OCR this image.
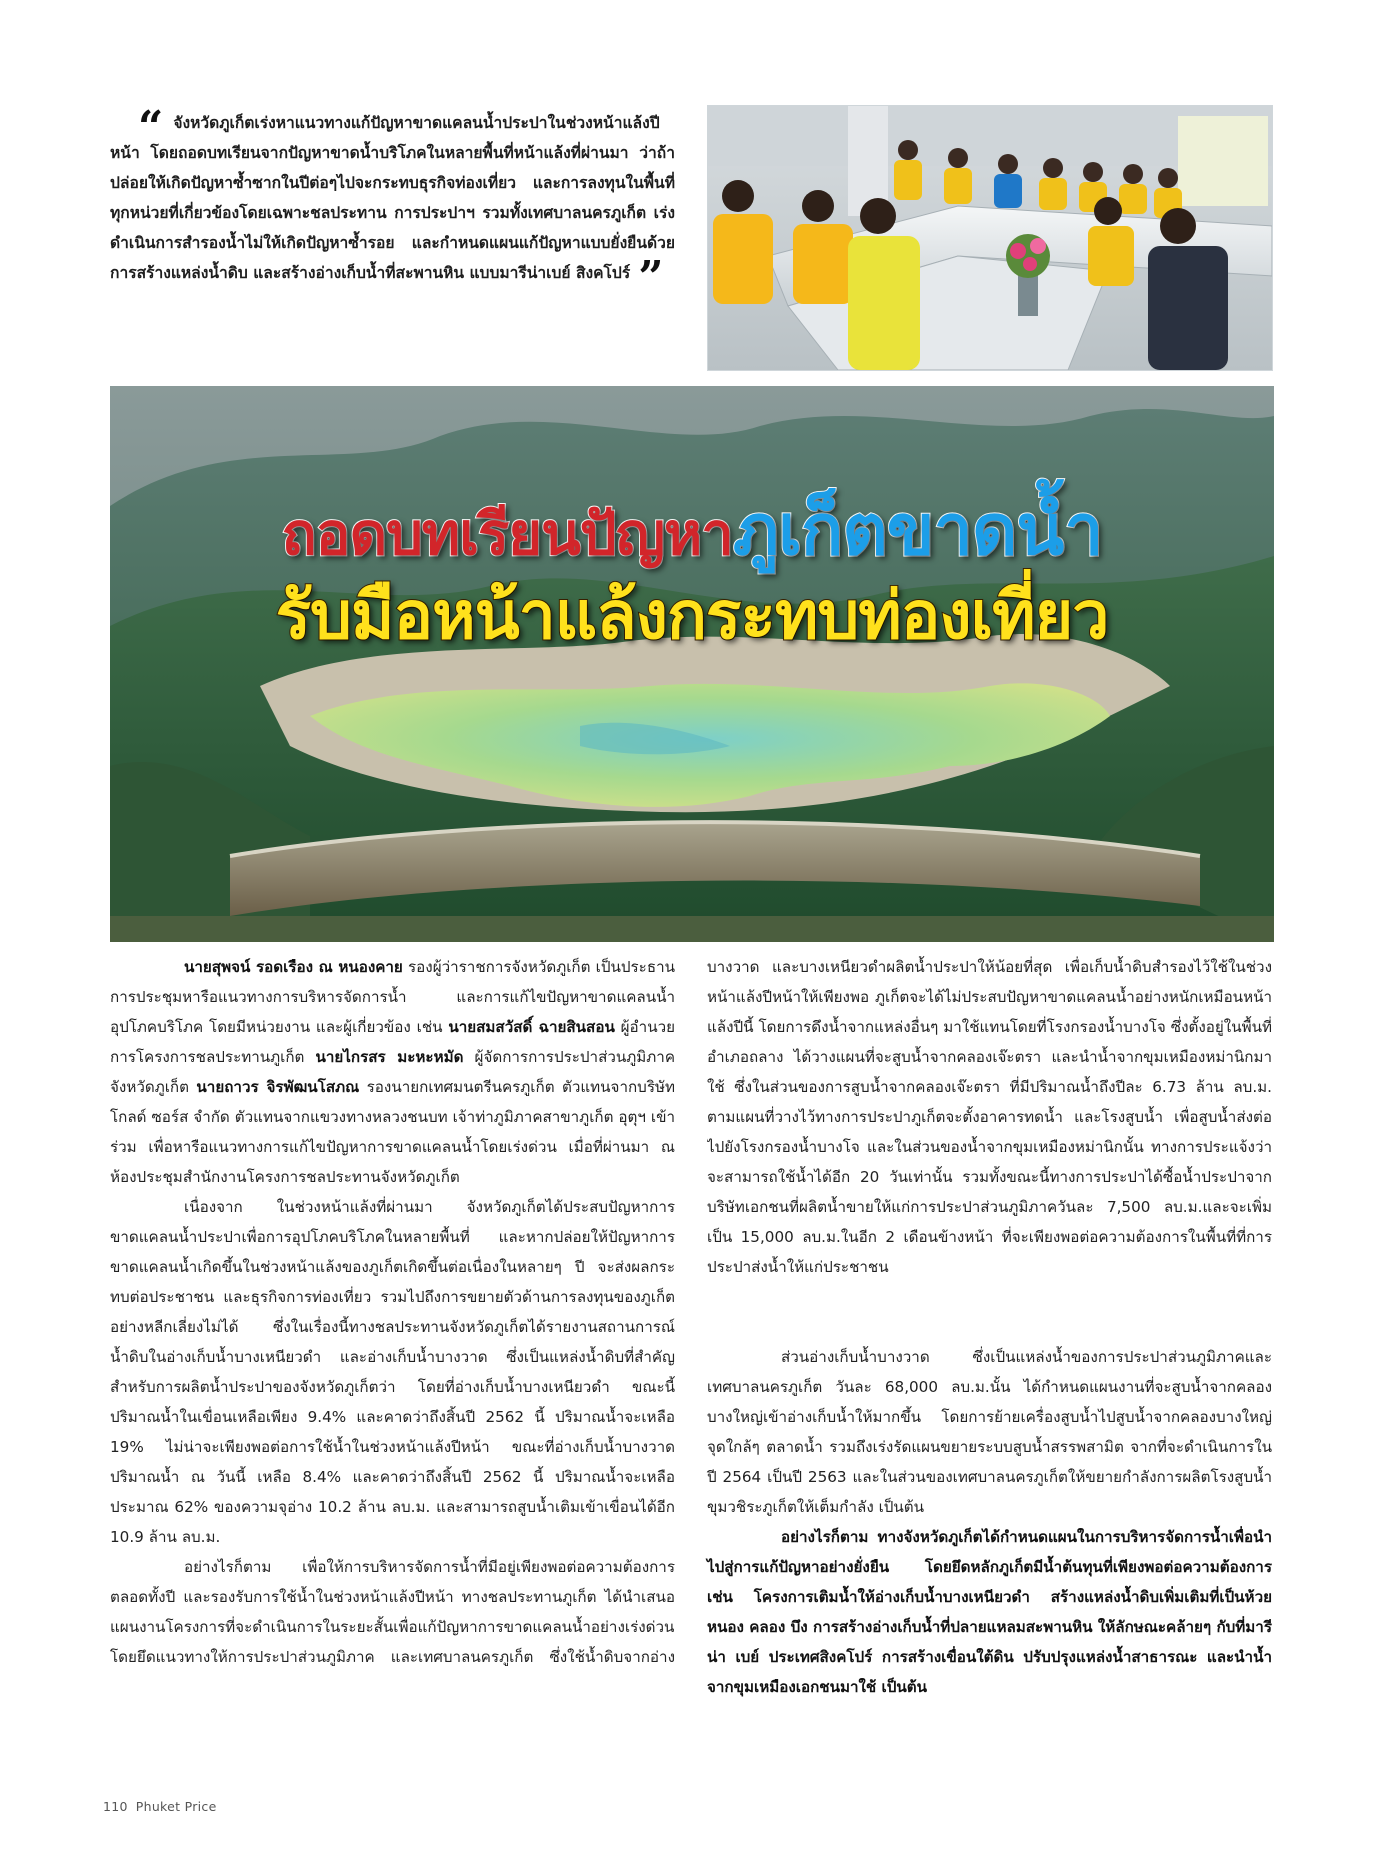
“ จังหวัดภูเก็ตเร่งหาแนวทางแก้ปัญหาขาดแคลนน้ำประปาในช่วงหน้าแล้งปีหน้า โดยถอดบทเรียนจากปัญหาขาดน้ำบริโภคในหลายพื้นที่หน้าแล้งที่ผ่านมา ว่าถ้าปล่อยให้เกิดปัญหาซ้ำซากในปีต่อๆไปจะกระทบธุรกิจท่องเที่ยว และการลงทุนในพื้นที่ ทุกหน่วยที่เกี่ยวข้องโดยเฉพาะชลประทาน การประปาฯ รวมทั้งเทศบาลนครภูเก็ต เร่งดำเนินการสำรองน้ำไม่ให้เกิดปัญหาซ้ำรอย และกำหนดแผนแก้ปัญหาแบบยั่งยืนด้วยการสร้างแหล่งน้ำดิบ และสร้างอ่างเก็บน้ำที่สะพานหิน แบบมารีน่าเบย์ สิงคโปร์ ”
ถอดบทเรียนปัญหาภูเก็ตขาดน้ำ
รับมือหน้าแล้งกระทบท่องเที่ยว

นายสุพจน์ รอดเรือง ณ หนองคาย รองผู้ว่าราชการจังหวัดภูเก็ต เป็นประธานการประชุมหารือแนวทางการบริหารจัดการน้ำ และการแก้ไขปัญหาขาดแคลนน้ำอุปโภคบริโภค โดยมีหน่วยงาน และผู้เกี่ยวข้อง เช่น นายสมสวัสดิ์ ฉายสินสอน ผู้อำนวยการโครงการชลประทานภูเก็ต นายไกรสร มะหะหมัด ผู้จัดการการประปาส่วนภูมิภาคจังหวัดภูเก็ต นายถาวร จิรพัฒนโสภณ รองนายกเทศมนตรีนครภูเก็ต ตัวแทนจากบริษัท โกลด์ ซอร์ส จำกัด ตัวแทนจากแขวงทางหลวงชนบท เจ้าท่าภูมิภาคสาขาภูเก็ต อุตุฯ เข้าร่วม เพื่อหารือแนวทางการแก้ไขปัญหาการขาดแคลนน้ำโดยเร่งด่วน เมื่อที่ผ่านมา ณ ห้องประชุมสำนักงานโครงการชลประทานจังหวัดภูเก็ต

เนื่องจาก ในช่วงหน้าแล้งที่ผ่านมา จังหวัดภูเก็ตได้ประสบปัญหาการขาดแคลนน้ำประปาเพื่อการอุปโภคบริโภคในหลายพื้นที่ และหากปล่อยให้ปัญหาการ ขาดแคลนน้ำเกิดขึ้นในช่วงหน้าแล้งของภูเก็ตเกิดขึ้นต่อเนื่องในหลายๆ ปี จะส่งผลกระทบต่อประชาชน และธุรกิจการท่องเที่ยว รวมไปถึงการขยายตัวด้านการลงทุนของภูเก็ตอย่างหลีกเลี่ยงไม่ได้ ซึ่งในเรื่องนี้ทางชลประทานจังหวัดภูเก็ตได้รายงานสถานการณ์น้ำดิบในอ่างเก็บน้ำบางเหนียวดำ และอ่างเก็บน้ำบางวาด ซึ่งเป็นแหล่งน้ำดิบที่สำคัญสำหรับการผลิตน้ำประปาของจังหวัดภูเก็ตว่า โดยที่อ่างเก็บน้ำบางเหนียวดำ ขณะนี้ปริมาณน้ำในเขื่อนเหลือเพียง 9.4% และคาดว่าถึงสิ้นปี 2562 นี้ ปริมาณน้ำจะเหลือ 19% ไม่น่าจะเพียงพอต่อการใช้น้ำในช่วงหน้าแล้งปีหน้า ขณะที่อ่างเก็บน้ำบางวาด ปริมาณน้ำ ณ วันนี้ เหลือ 8.4% และคาดว่าถึงสิ้นปี 2562 นี้ ปริมาณน้ำจะเหลือประมาณ 62% ของความจุอ่าง 10.2 ล้าน ลบ.ม. และสามารถสูบน้ำเติมเข้าเขื่อนได้อีก 10.9 ล้าน ลบ.ม.

อย่างไรก็ตาม เพื่อให้การบริหารจัดการน้ำที่มีอยู่เพียงพอต่อความต้องการตลอดทั้งปี และรองรับการใช้น้ำในช่วงหน้าแล้งปีหน้า ทางชลประทานภูเก็ต ได้นำเสนอแผนงานโครงการที่จะดำเนินการในระยะสั้นเพื่อแก้ปัญหาการขาดแคลนน้ำอย่างเร่งด่วน โดยยึดแนวทางให้การประปาส่วนภูมิภาค และเทศบาลนครภูเก็ต ซึ่งใช้น้ำดิบจากอ่าง

บางวาด และบางเหนียวดำผลิตน้ำประปาให้น้อยที่สุด เพื่อเก็บน้ำดิบสำรองไว้ใช้ในช่วงหน้าแล้งปีหน้าให้เพียงพอ ภูเก็ตจะได้ไม่ประสบปัญหาขาดแคลนน้ำอย่างหนักเหมือนหน้าแล้งปีนี้ โดยการดึงน้ำจากแหล่งอื่นๆ มาใช้แทนโดยที่โรงกรองน้ำบางโจ ซึ่งตั้งอยู่ในพื้นที่อำเภอถลาง ได้วางแผนที่จะสูบน้ำจากคลองเจ๊ะตรา และนำน้ำจากขุมเหมืองหม่านิกมาใช้ ซึ่งในส่วนของการสูบน้ำจากคลองเจ๊ะตรา ที่มีปริมาณน้ำถึงปีละ 6.73 ล้าน ลบ.ม. ตามแผนที่วางไว้ทางการประปาภูเก็ตจะตั้งอาคารทดน้ำ และโรงสูบน้ำ เพื่อสูบน้ำส่งต่อไปยังโรงกรองน้ำบางโจ และในส่วนของน้ำจากขุมเหมืองหม่านิกนั้น ทางการประแจ้งว่าจะสามารถใช้น้ำได้อีก 20 วันเท่านั้น รวมทั้งขณะนี้ทางการประปาได้ซื้อน้ำประปาจากบริษัทเอกชนที่ผลิตน้ำขายให้แก่การประปาส่วนภูมิภาควันละ 7,500 ลบ.ม.และจะเพิ่มเป็น 15,000 ลบ.ม.ในอีก 2 เดือนข้างหน้า ที่จะเพียงพอต่อความต้องการในพื้นที่ที่การประปาส่งน้ำให้แก่ประชาชน

ส่วนอ่างเก็บน้ำบางวาด ซึ่งเป็นแหล่งน้ำของการประปาส่วนภูมิภาคและเทศบาลนครภูเก็ต วันละ 68,000 ลบ.ม.นั้น ได้กำหนดแผนงานที่จะสูบน้ำจากคลองบางใหญ่เข้าอ่างเก็บน้ำให้มากขึ้น โดยการย้ายเครื่องสูบน้ำไปสูบน้ำจากคลองบางใหญ่จุดใกล้ๆ ตลาดน้ำ รวมถึงเร่งรัดแผนขยายระบบสูบน้ำสรรพสามิต จากที่จะดำเนินการในปี 2564 เป็นปี 2563 และในส่วนของเทศบาลนครภูเก็ตให้ขยายกำลังการผลิตโรงสูบน้ำขุมวชิระภูเก็ตให้เต็มกำลัง เป็นต้น

อย่างไรก็ตาม ทางจังหวัดภูเก็ตได้กำหนดแผนในการบริหารจัดการน้ำเพื่อนำไปสู่การแก้ปัญหาอย่างยั่งยืน โดยยึดหลักภูเก็ตมีน้ำต้นทุนที่เพียงพอต่อความต้องการ เช่น โครงการเติมน้ำให้อ่างเก็บน้ำบางเหนียวดำ สร้างแหล่งน้ำดิบเพิ่มเติมที่เป็นห้วย หนอง คลอง บึง การสร้างอ่างเก็บน้ำที่ปลายแหลมสะพานหิน ให้ลักษณะคล้ายๆ กับที่มารีน่า เบย์ ประเทศสิงคโปร์ การสร้างเขื่อนใต้ดิน ปรับปรุงแหล่งน้ำสาธารณะ และนำน้ำจากขุมเหมืองเอกชนมาใช้ เป็นต้น

110 Phuket Price
